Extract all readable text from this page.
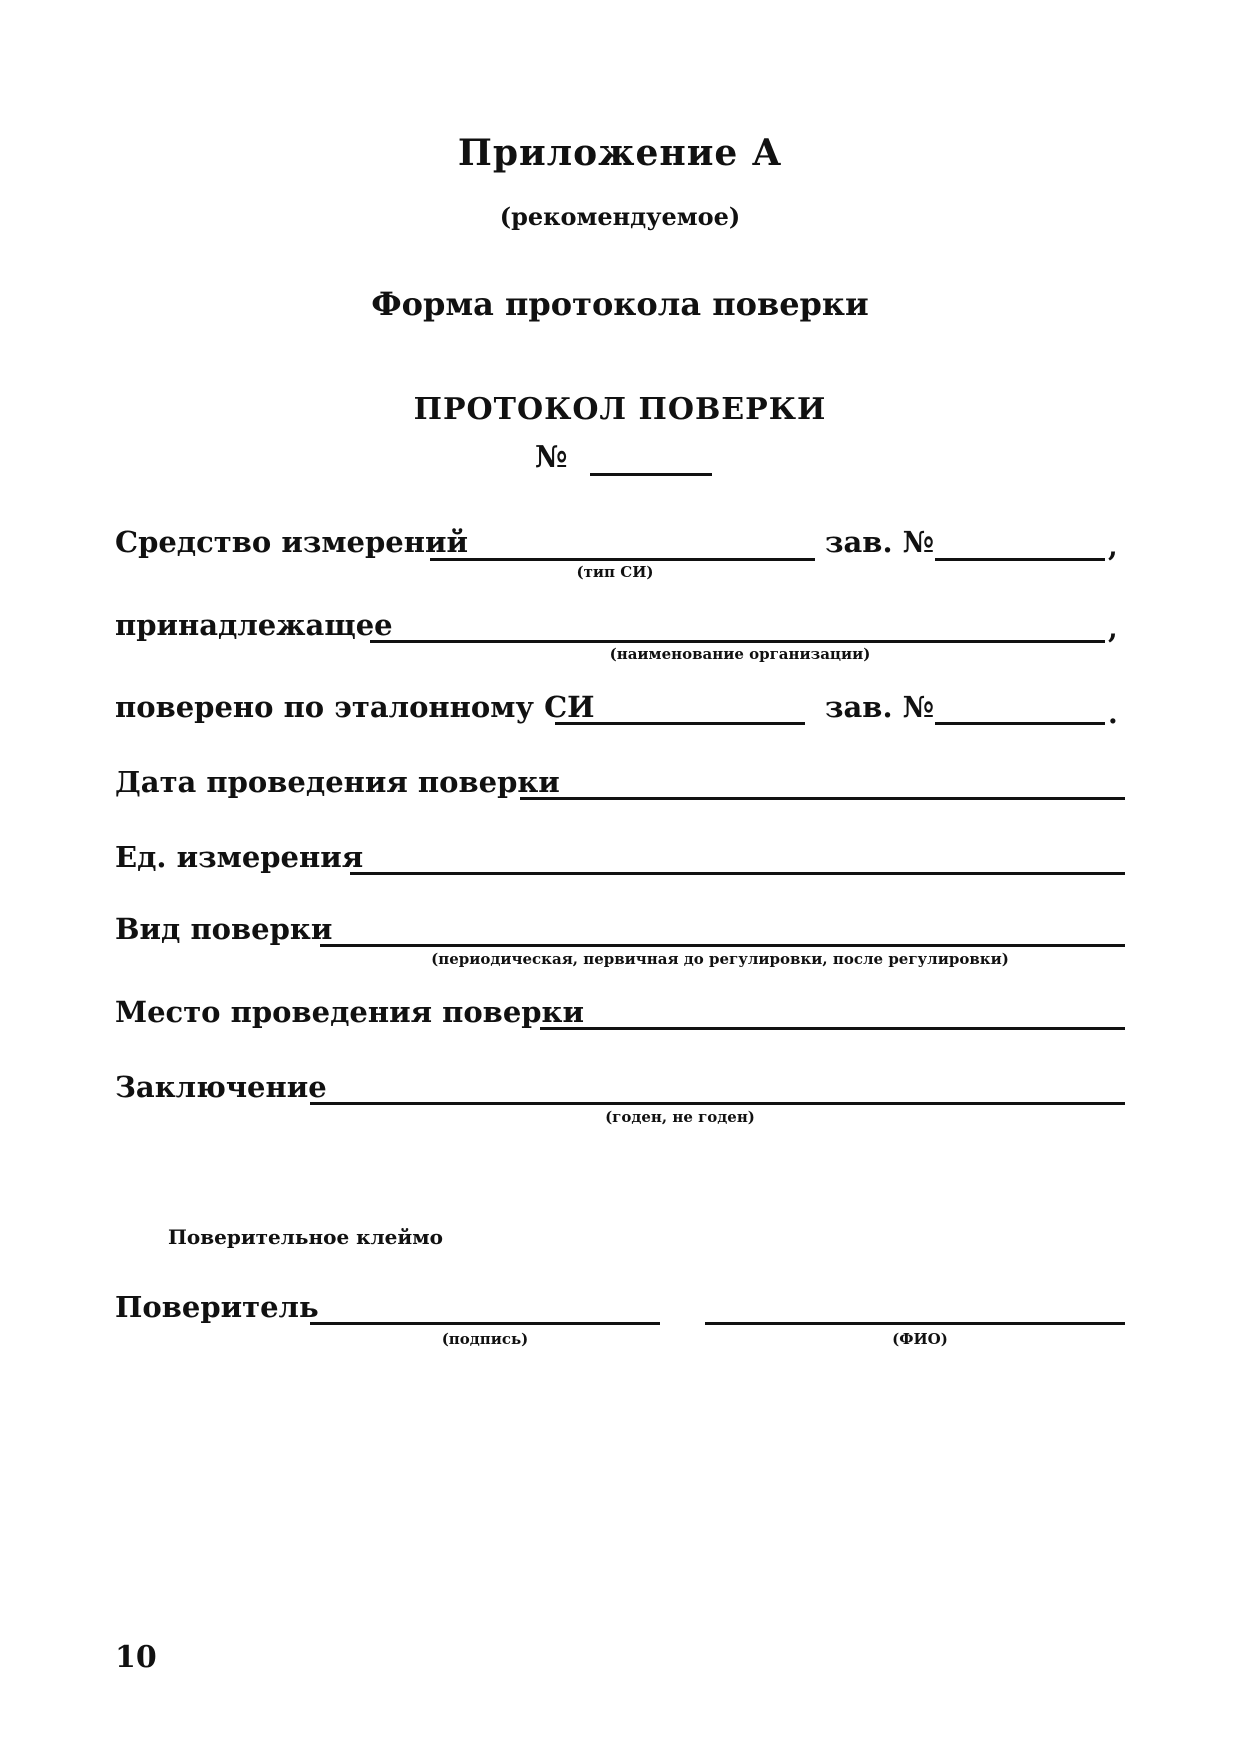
Приложение А
(рекомендуемое)
Форма протокола поверки
ПРОТОКОЛ ПОВЕРКИ
№
Средство измерений
(тип СИ)
зав. №	,
принадлежащее
(наименование организации)
,
поверено по эталонному СИ	зав. №	.
Дата проведения поверки
Ед. измерения
Вид поверки
(периодическая, первичная до регулировки, после регулировки)
Место проведения поверки
Заключение
(годен, не годен)
Поверительное клеймо
Поверитель
(подпись)	(ФИО)
10
